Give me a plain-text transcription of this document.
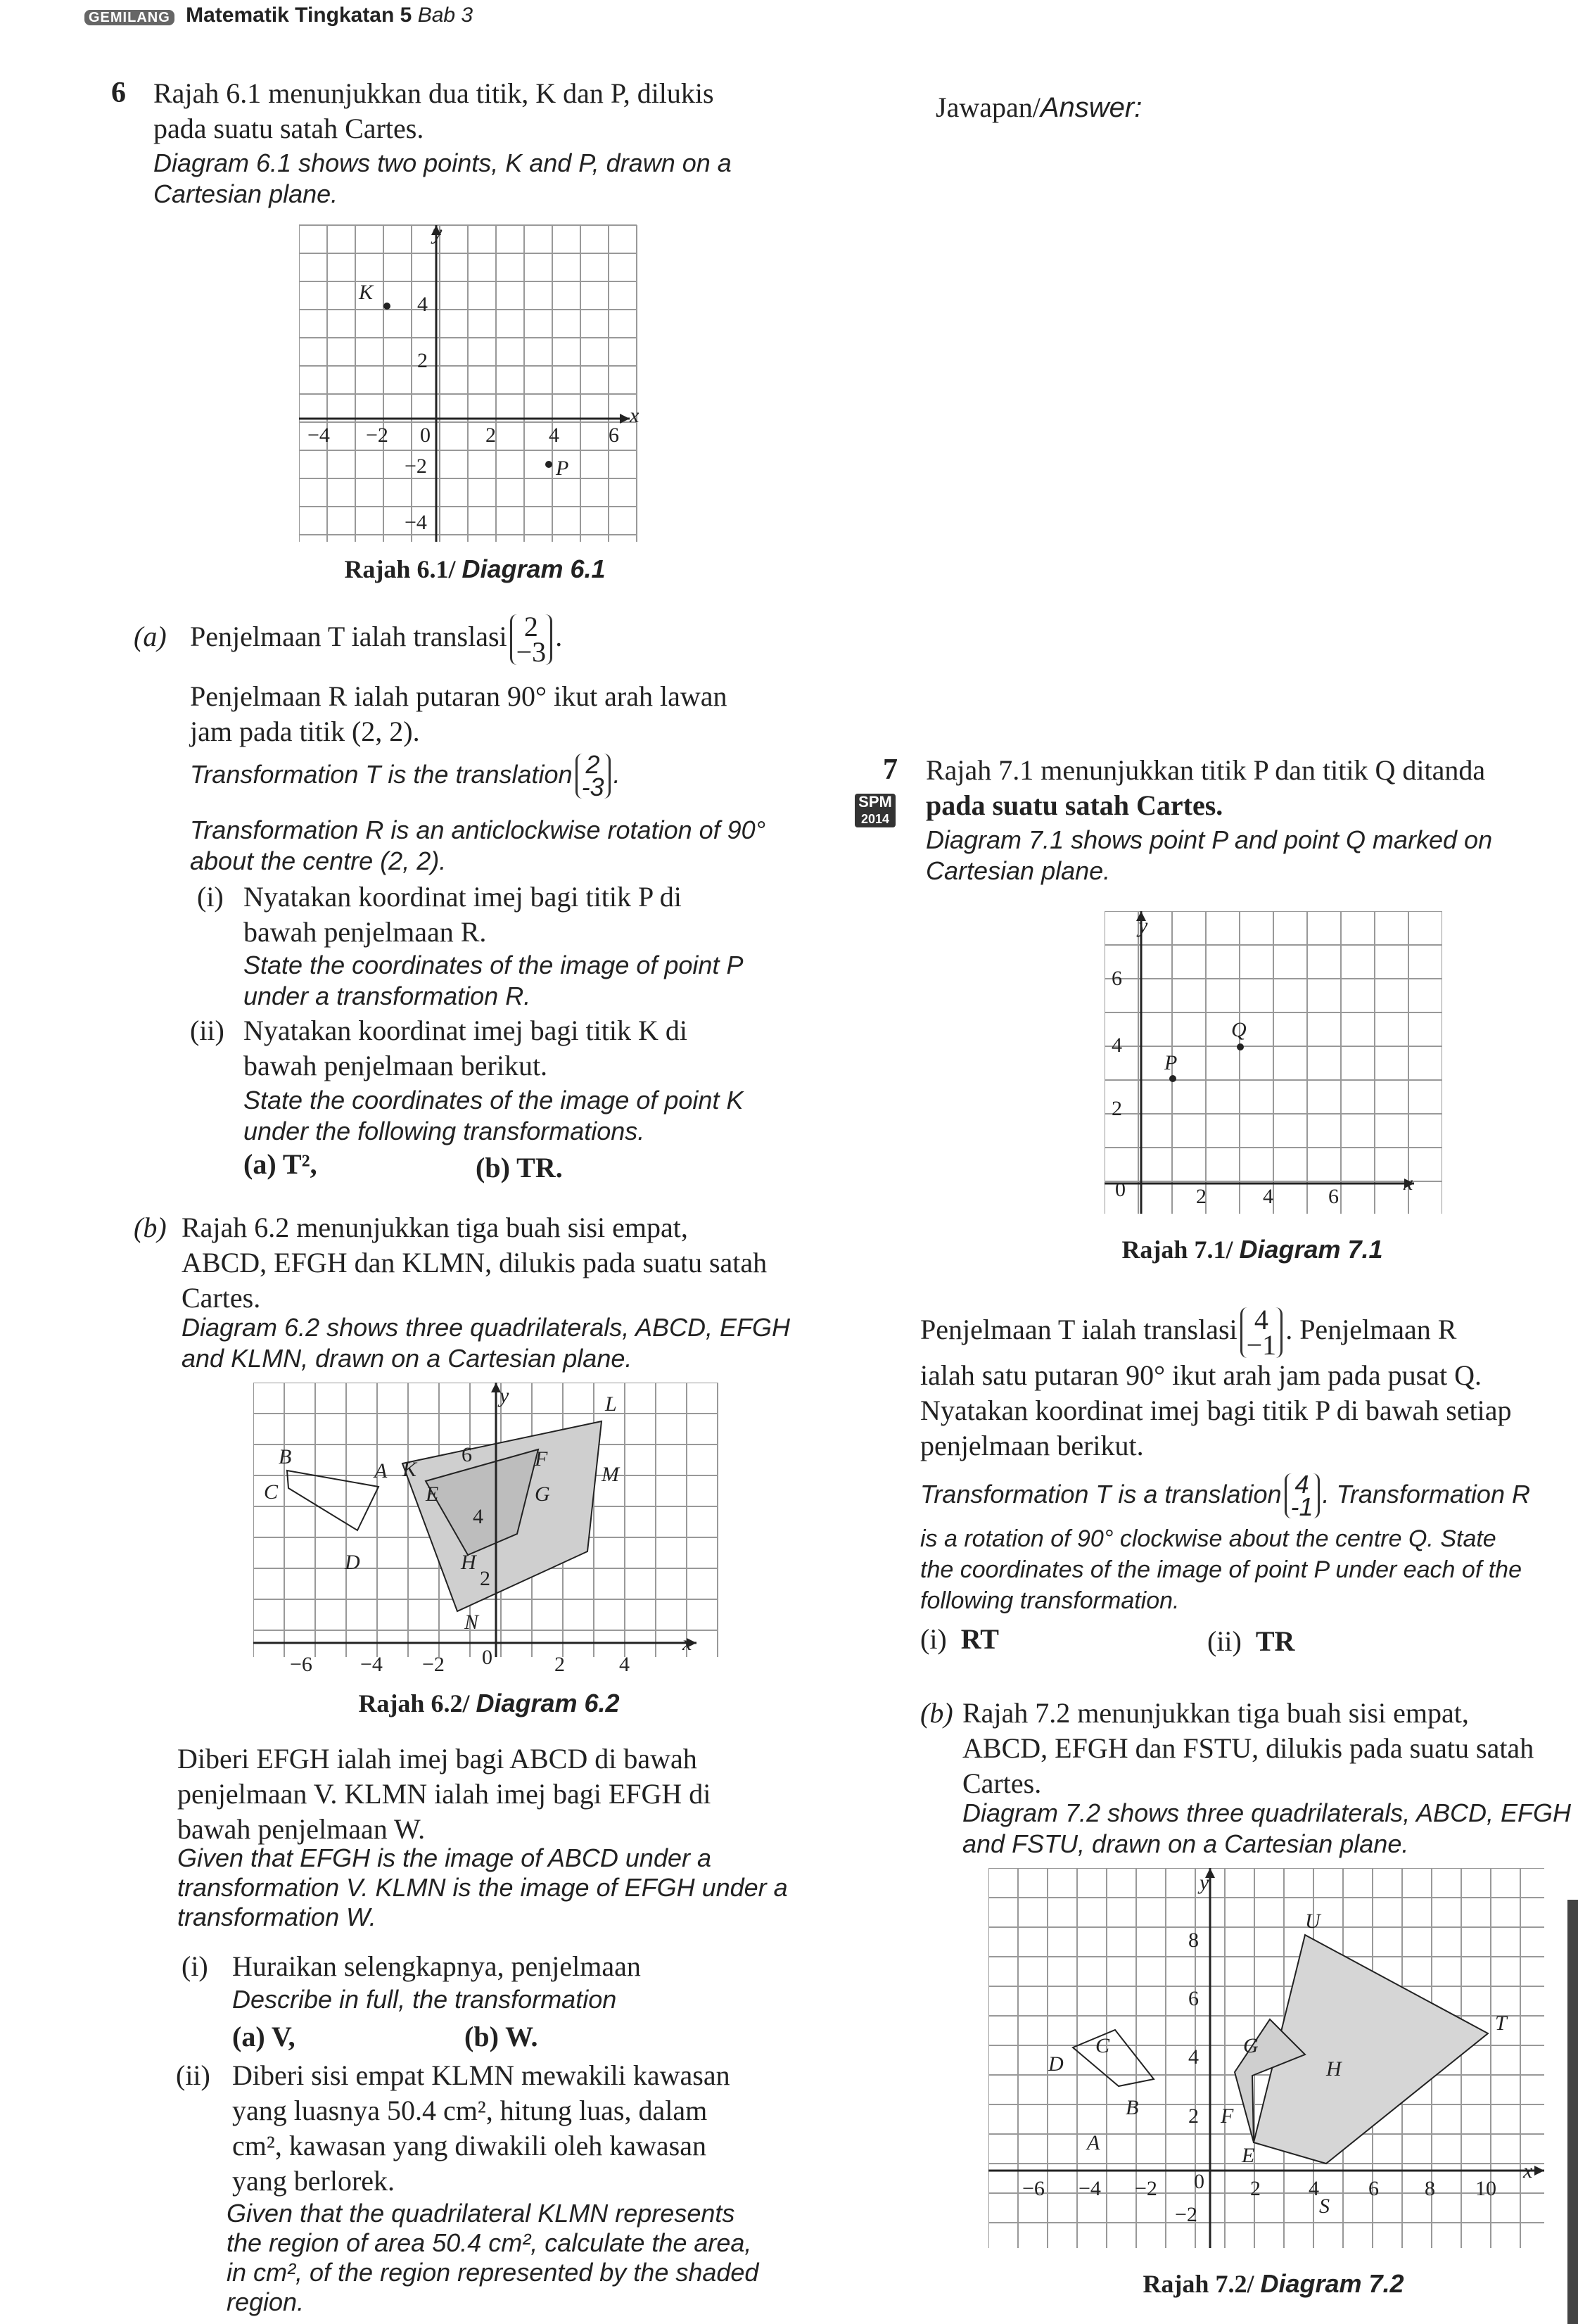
GEMILANG Matematik Tingkatan 5 Bab 3
6 Rajah 6.1 menunjukkan dua titik, K dan P, dilukis
pada suatu satah Cartes.
Diagram 6.1 shows two points, K and P, drawn on a
Cartesian plane.
y
x
K
P
−4 −2 0	2	4 6
4
2
−2
−4
Rajah 6.1/ Diagram 6.1
(a) Penjelmaan T ialah translasi 2
−3 .
Penjelmaan R ialah putaran 90° ikut arah lawan
jam pada titik (2, 2).
Transformation T is the translation 2
-3 .
Transformation R is an anticlockwise rotation of 90°
about the centre (2, 2).
(i) Nyatakan koordinat imej bagi titik P di
bawah penjelmaan R.
State the coordinates of the image of point P
under a transformation R.
(ii) Nyatakan koordinat imej bagi titik K di
bawah penjelmaan berikut.
State the coordinates of the image of point K
under the following transformations.
(a) T²,	(b) TR.
(b) Rajah 6.2 menunjukkan tiga buah sisi empat,
ABCD, EFGH dan KLMN, dilukis pada suatu satah
Cartes.
Diagram 6.2 shows three quadrilaterals, ABCD, EFGH
and KLMN, drawn on a Cartesian plane.
y
x
−6 −4 −2 0	2	4
6
4
2
A
B
C
D
E
F
G
H
K
L
M
N
Rajah 6.2/ Diagram 6.2
Diberi EFGH ialah imej bagi ABCD di bawah
penjelmaan V. KLMN ialah imej bagi EFGH di
bawah penjelmaan W.
Given that EFGH is the image of ABCD under a
transformation V. KLMN is the image of EFGH under a
transformation W.
(i) Huraikan selengkapnya, penjelmaan
Describe in full, the transformation
(a) V,	(b) W.
(ii) Diberi sisi empat KLMN mewakili kawasan
yang luasnya 50.4 cm², hitung luas, dalam
cm², kawasan yang diwakili oleh kawasan
yang berlorek.
Given that the quadrilateral KLMN represents
the region of area 50.4 cm², calculate the area,
in cm², of the region represented by the shaded
region.
Jawapan/Answer:
7
SPM
2014
Rajah 7.1 menunjukkan titik P dan titik Q ditanda
pada suatu satah Cartes.
Diagram 7.1 shows point P and point Q marked on
Cartesian plane.
y
x
0	2	4	6
6
4
2
P
Q
Rajah 7.1/ Diagram 7.1
Penjelmaan T ialah translasi 4
−1 . Penjelmaan R
ialah satu putaran 90° ikut arah jam pada pusat Q.
Nyatakan koordinat imej bagi titik P di bawah setiap
penjelmaan berikut.
Transformation T is a translation 4
-1 . Transformation R
is a rotation of 90° clockwise about the centre Q. State
the coordinates of the image of point P under each of the
following transformation.
(i) RT	(ii) TR
(b) Rajah 7.2 menunjukkan tiga buah sisi empat,
ABCD, EFGH dan FSTU, dilukis pada suatu satah
Cartes.
Diagram 7.2 shows three quadrilaterals, ABCD, EFGH
and FSTU, drawn on a Cartesian plane.
y
x
−6 −4 −2 0 2 4 6 8 10
8
6
4
2
−2
A
B
C
D
E
F
G
H
S
T
U
Rajah 7.2/ Diagram 7.2
